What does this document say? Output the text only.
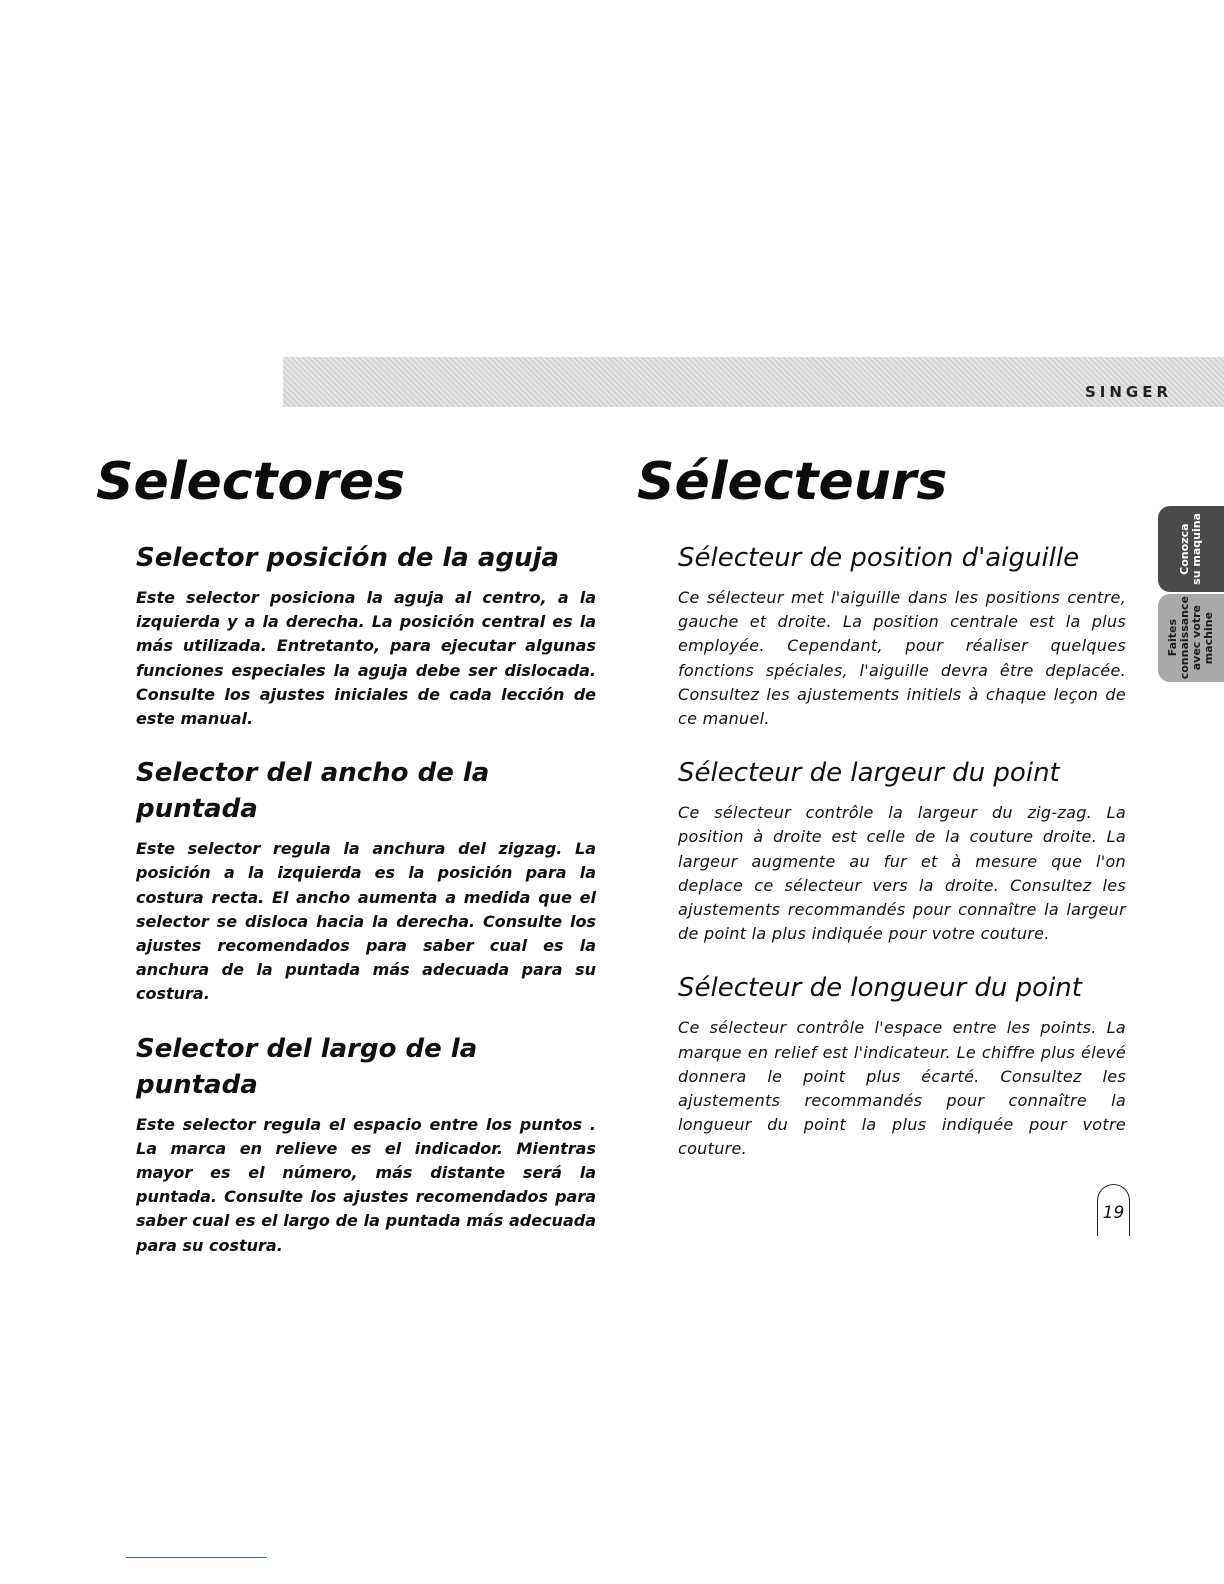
SINGER
Selectores	Sélecteurs
Selector posición de la aguja

Este selector posiciona la aguja al centro, a la izquierda y a la derecha. La posición central es la más utilizada. Entretanto, para ejecutar algunas funciones especiales la aguja debe ser dislocada. Consulte los ajustes iniciales de cada lección de este manual.

Selector del ancho de la puntada

Este selector regula la anchura del zigzag. La posición a la izquierda es la posición para la costura recta. El ancho aumenta a medida que el selector se disloca hacia la derecha. Consulte los ajustes recomendados para saber cual es la anchura de la puntada más adecuada para su costura.

Selector del largo de la puntada

Este selector regula el espacio entre los puntos . La marca en relieve es el indicador. Mientras mayor es el número, más distante será la puntada. Consulte los ajustes recomendados para saber cual es el largo de la puntada más adecuada para su costura.

Sélecteur de position d'aiguille

Ce sélecteur met l'aiguille dans les positions centre, gauche et droite. La position centrale est la plus employée. Cependant, pour réaliser quelques fonctions spéciales, l'aiguille devra être deplacée. Consultez les ajustements initiels à chaque leçon de ce manuel.

Sélecteur de largeur du point

Ce sélecteur contrôle la largeur du zig-zag. La position à droite est celle de la couture droite. La largeur augmente au fur et à mesure que l'on deplace ce sélecteur vers la droite. Consultez les ajustements recommandés pour connaître la largeur de point la plus indiquée pour votre couture.

Sélecteur de longueur du point

Ce sélecteur contrôle l'espace entre les points. La marque en relief est l'indicateur. Le chiffre plus élevé donnera le point plus écarté. Consultez les ajustements recommandés pour connaître la longueur du point la plus indiquée pour votre couture.

Conozca
su maquina
Faites
connaissance
avec votre
machine
19
